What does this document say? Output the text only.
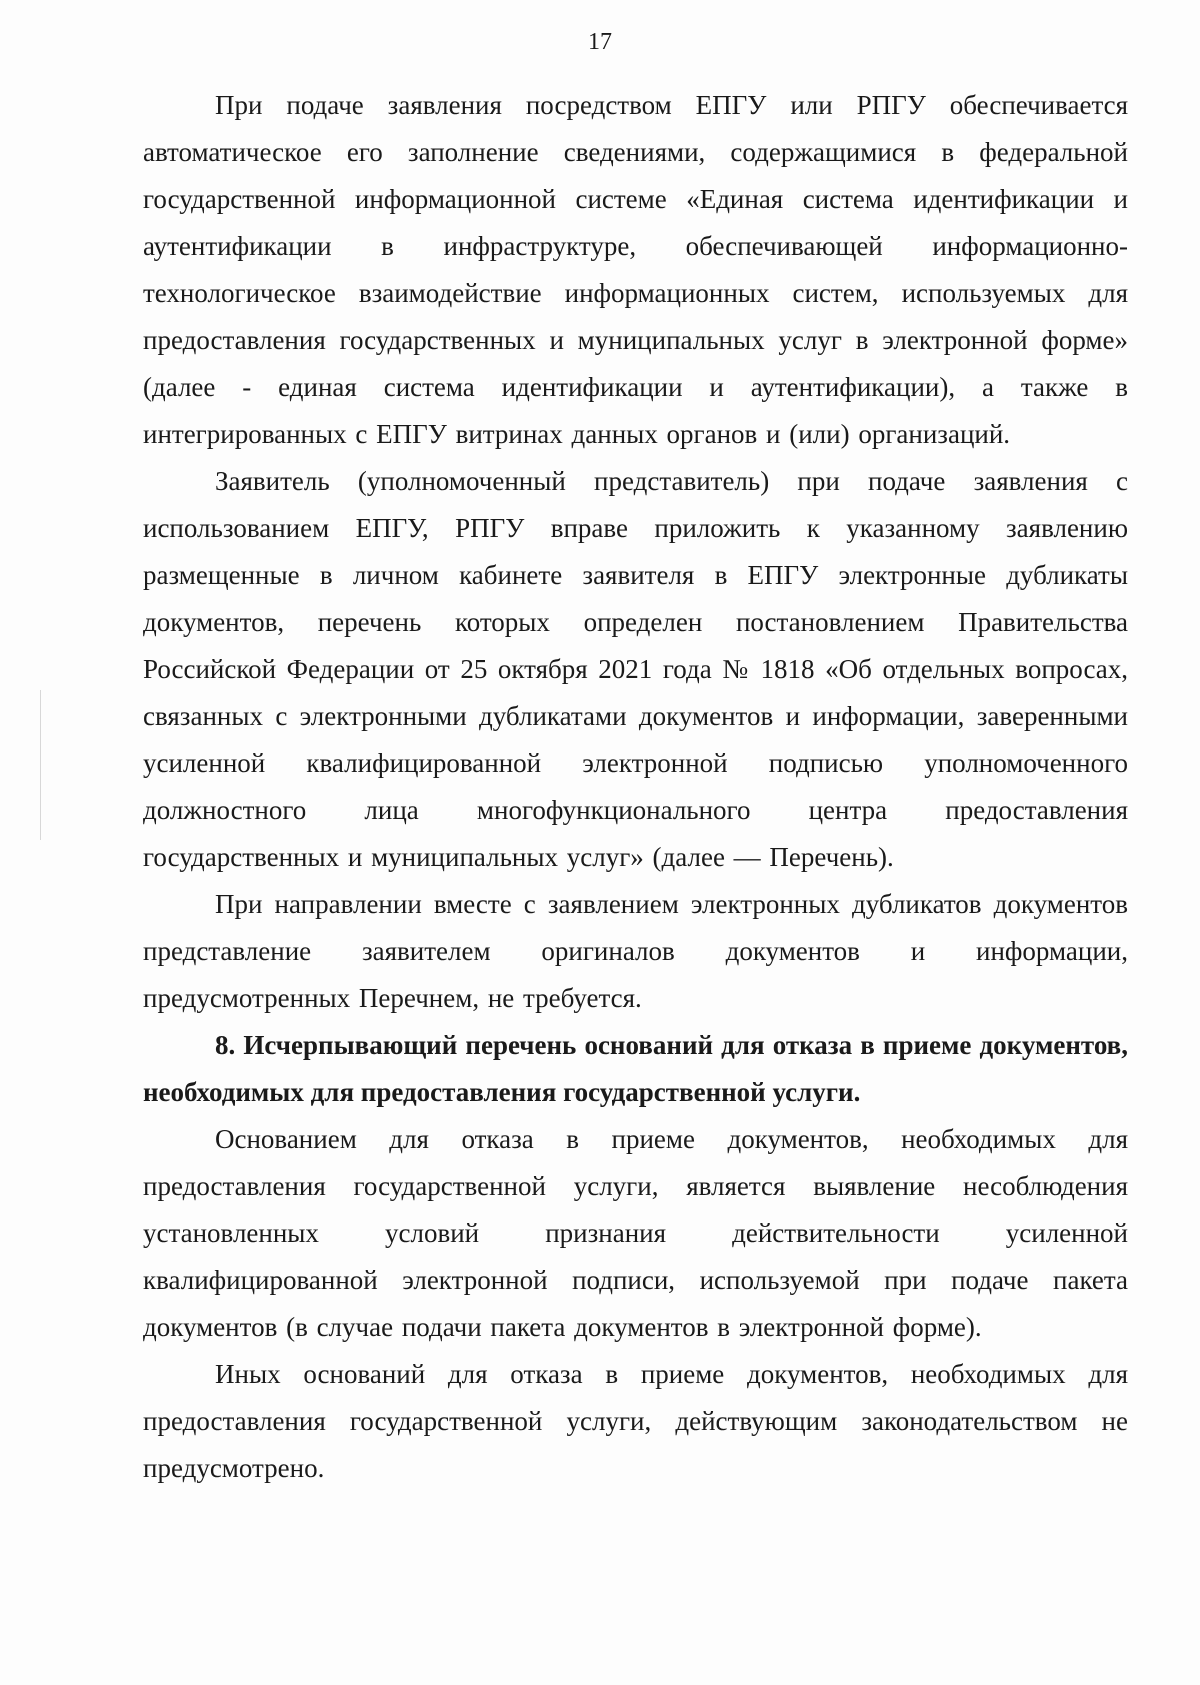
17

При подаче заявления посредством ЕПГУ или РПГУ обеспечивается автоматическое его заполнение сведениями, содержащимися в федеральной государственной информационной системе «Единая система идентификации и аутентификации в инфраструктуре, обеспечивающей информационно-технологическое взаимодействие информационных систем, используемых для предоставления государственных и муниципальных услуг в электронной форме» (далее - единая система идентификации и аутентификации), а также в интегрированных с ЕПГУ витринах данных органов и (или) организаций.

Заявитель (уполномоченный представитель) при подаче заявления с использованием ЕПГУ, РПГУ вправе приложить к указанному заявлению размещенные в личном кабинете заявителя в ЕПГУ электронные дубликаты документов, перечень которых определен постановлением Правительства Российской Федерации от 25 октября 2021 года № 1818 «Об отдельных вопросах, связанных с электронными дубликатами документов и информации, заверенными усиленной квалифицированной электронной подписью уполномоченного должностного лица многофункционального центра предоставления государственных и муниципальных услуг» (далее — Перечень).

При направлении вместе с заявлением электронных дубликатов документов представление заявителем оригиналов документов и информации, предусмотренных Перечнем, не требуется.

8. Исчерпывающий перечень оснований для отказа в приеме документов, необходимых для предоставления государственной услуги.

Основанием для отказа в приеме документов, необходимых для предоставления государственной услуги, является выявление несоблюдения установленных условий признания действительности усиленной квалифицированной электронной подписи, используемой при подаче пакета документов (в случае подачи пакета документов в электронной форме).

Иных оснований для отказа в приеме документов, необходимых для предоставления государственной услуги, действующим законодательством не предусмотрено.
